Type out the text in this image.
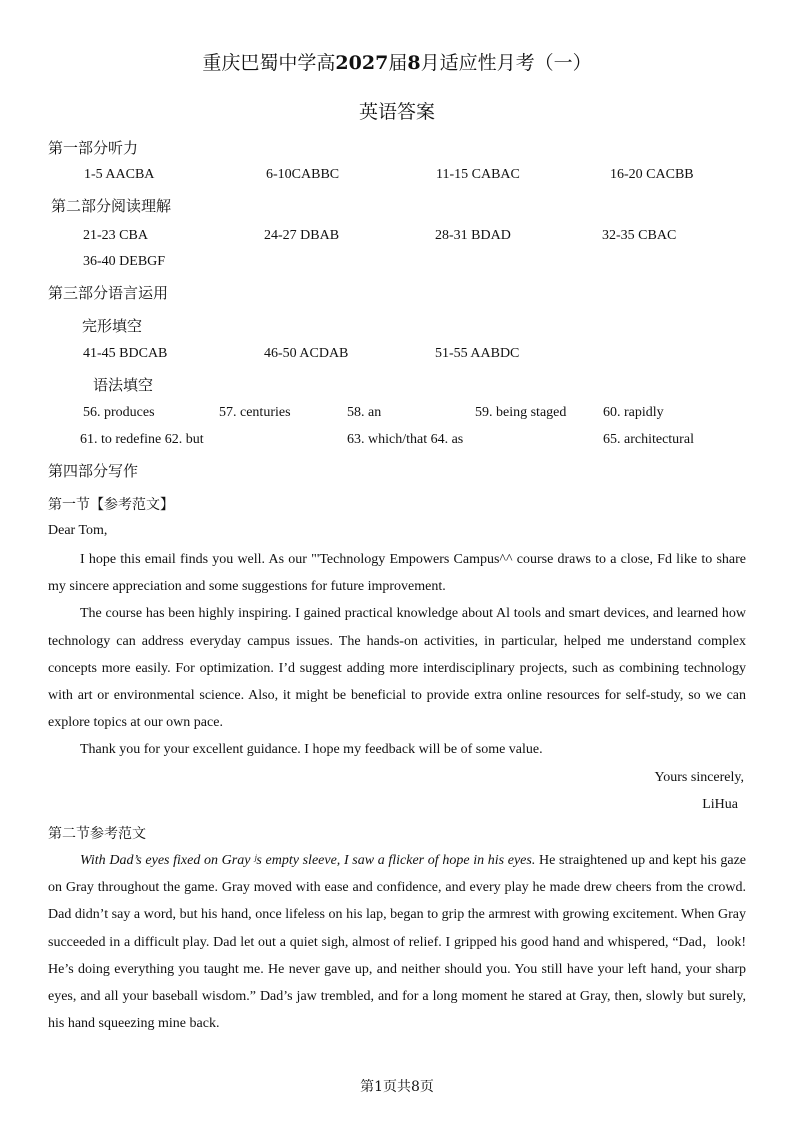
重庆巴蜀中学高2027届8月适应性月考（一）
英语答案
第一部分听力
1-5 AACBA	6-10CABBC	11-15 CABAC	16-20 CACBB
第二部分阅读理解
21-23 CBA	24-27 DBAB	28-31 BDAD	32-35 CBAC
36-40 DEBGF
第三部分语言运用
完形填空
41-45 BDCAB	46-50 ACDAB	51-55 AABDC
语法填空
56. produces	57. centuries	58. an	59. being staged	60. rapidly
61. to redefine 62. but	63. which/that 64. as	65. architectural
第四部分写作
第一节【参考范文】
Dear Tom,

I hope this email finds you well. As our "'Technology Empowers Campus^^ course draws to a close, Fd like to share my sincere appreciation and some suggestions for future improvement.

The course has been highly inspiring. I gained practical knowledge about Al tools and smart devices, and learned how technology can address everyday campus issues. The hands-on activities, in particular, helped me understand complex concepts more easily. For optimization. I’d suggest adding more interdisciplinary projects, such as combining technology with art or environmental science. Also, it might be beneficial to provide extra online resources for self-study, so we can explore topics at our own pace.

Thank you for your excellent guidance. I hope my feedback will be of some value.

Yours sincerely,
LiHua
第二节参考范文

With Dad’s eyes fixed on Gray ʲs empty sleeve, I saw a flicker of hope in his eyes. He straightened up and kept his gaze on Gray throughout the game. Gray moved with ease and confidence, and every play he made drew cheers from the crowd. Dad didn’t say a word, but his hand, once lifeless on his lap, began to grip the armrest with growing excitement. When Gray succeeded in a difficult play. Dad let out a quiet sigh, almost of relief. I gripped his good hand and whispered, “Dad，look! He’s doing everything you taught me. He never gave up, and neither should you. You still have your left hand, your sharp eyes, and all your baseball wisdom.” Dad’s jaw trembled, and for a long moment he stared at Gray, then, slowly but surely, his hand squeezing mine back.

第1页共8页
